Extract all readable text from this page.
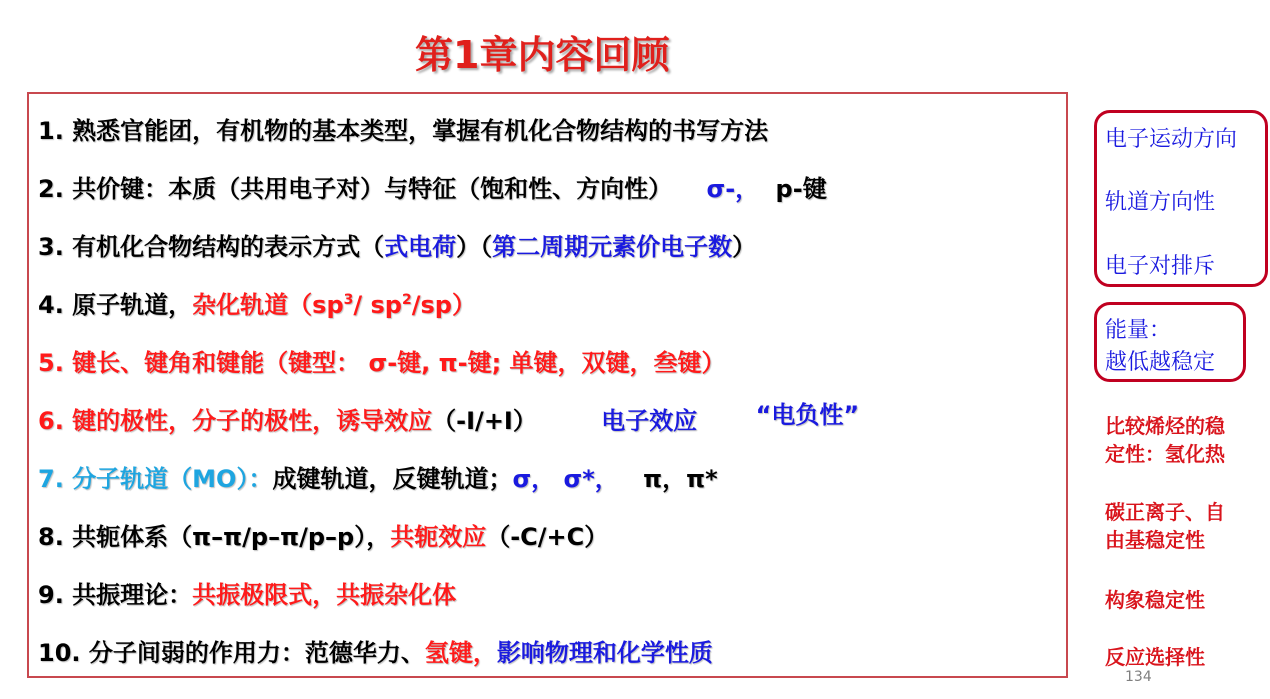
第1章内容回顾
1. 熟悉官能团，有机物的基本类型，掌握有机化合物结构的书写方法
2. 共价键：本质（共用电子对）与特征（饱和性、方向性） σ-， p-键
3. 有机化合物结构的表示方式（式电荷）（第二周期元素价电子数）
4. 原子轨道，杂化轨道（$sp^3/$ $sp^2/sp$）
5. 键长、键角和键能（键型： σ-键, π-键; 单键，双键，叁键）
6. 键的极性，分子的极性，诱导效应（-I/+I）	电子效应 “电负性”
7. 分子轨道（MO）：成键轨道，反键轨道；σ， σ*， π，π*
8. 共轭体系（π–π/p–π/p–p），共轭效应（-C/+C）
9. 共振理论：共振极限式，共振杂化体
10. 分子间弱的作用力：范德华力、氢键，影响物理和化学性质
电子运动方向
轨道方向性
电子对排斥
能量：
越低越稳定
比较烯烃的稳
定性：氢化热
碳正离子、自
由基稳定性
构象稳定性
反应选择性
134
